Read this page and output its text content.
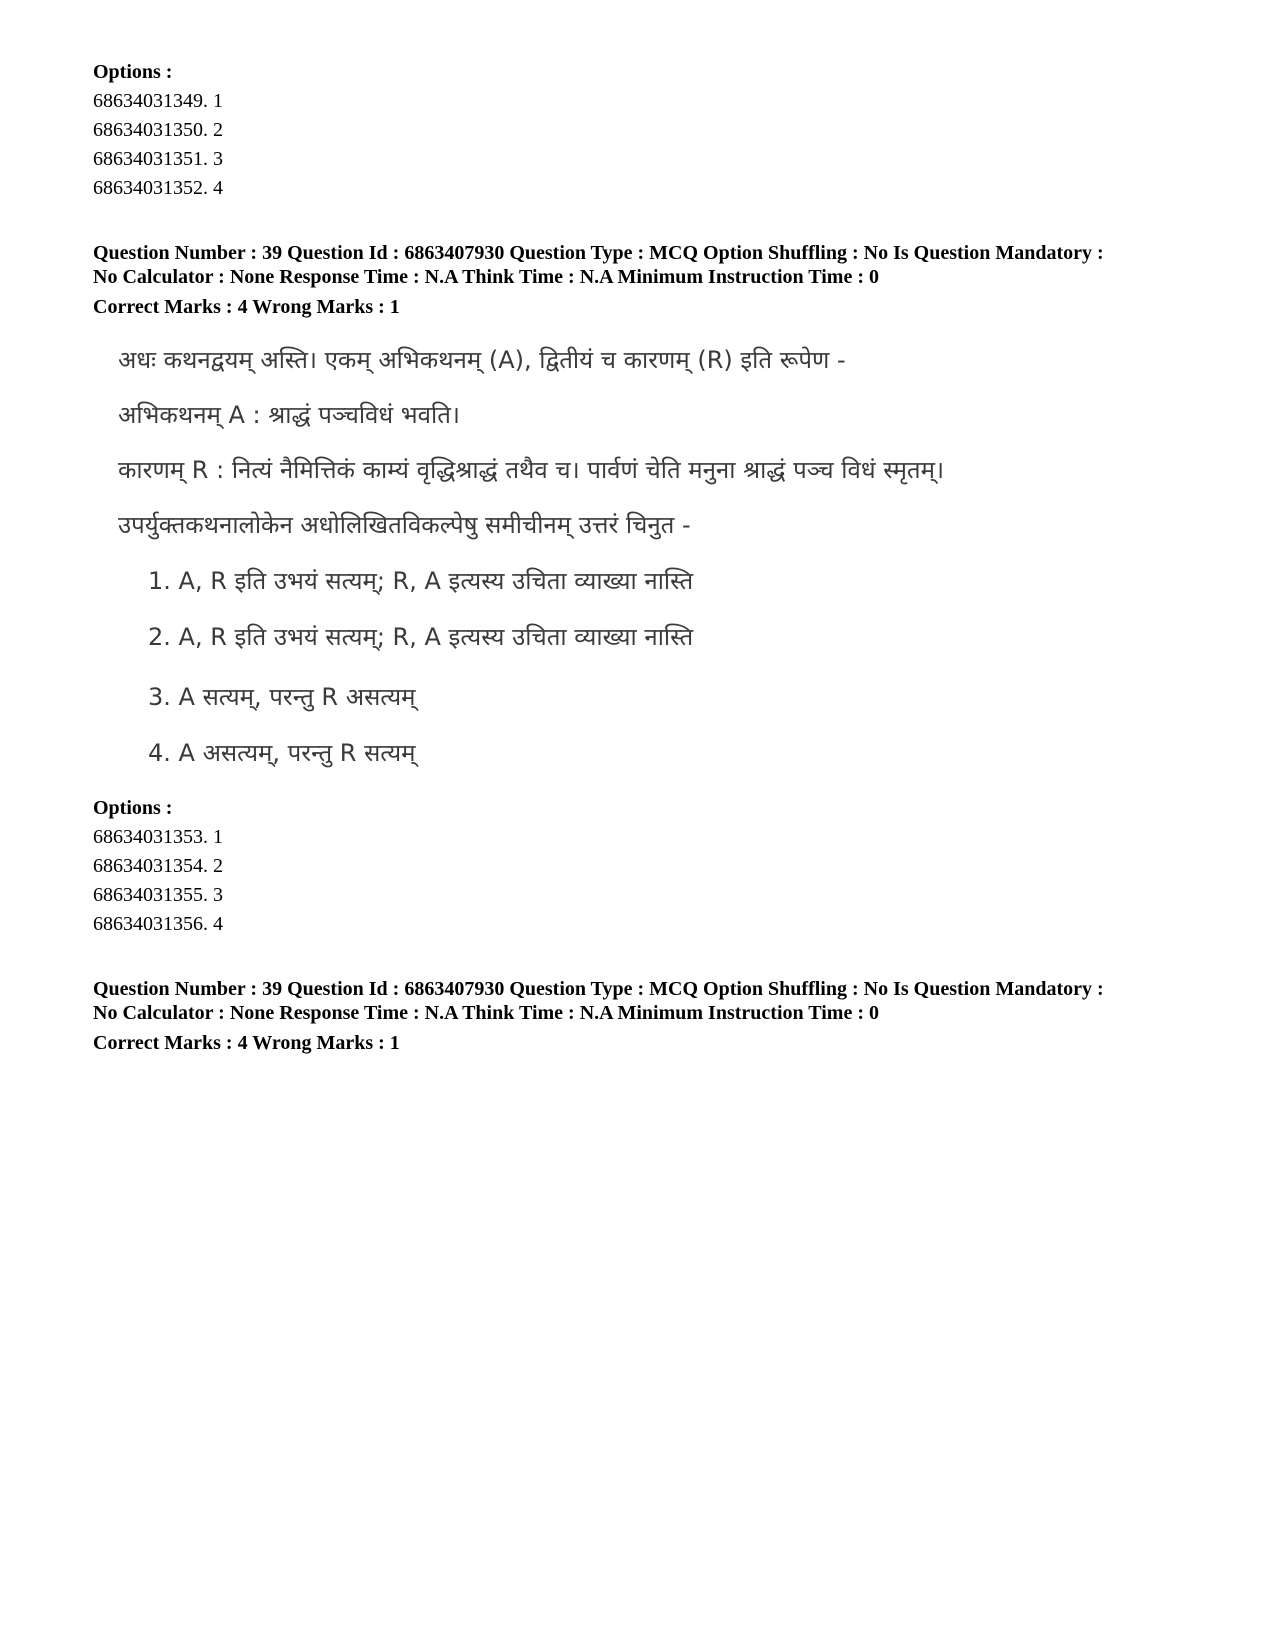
Options :

68634031349. 1

68634031350. 2

68634031351. 3

68634031352. 4

Question Number : 39 Question Id : 6863407930 Question Type : MCQ Option Shuffling : No Is Question Mandatory :

No Calculator : None Response Time : N.A Think Time : N.A Minimum Instruction Time : 0

Correct Marks : 4 Wrong Marks : 1

अधः कथनद्वयम् अस्ति। एकम् अभिकथनम् (A), द्वितीयं च कारणम् (R) इति रूपेण -

अभिकथनम् A : श्राद्धं पञ्चविधं भवति।

कारणम् R : नित्यं नैमित्तिकं काम्यं वृद्धिश्राद्धं तथैव च। पार्वणं चेति मनुना श्राद्धं पञ्च विधं स्मृतम्।

उपर्युक्तकथनालोकेन अधोलिखितविकल्पेषु समीचीनम् उत्तरं चिनुत -

1. A, R इति उभयं सत्यम्; R, A इत्यस्य उचिता व्याख्या नास्ति

2. A, R इति उभयं सत्यम्; R, A इत्यस्य उचिता व्याख्या नास्ति

3. A सत्यम्, परन्तु R असत्यम्

4. A असत्यम्, परन्तु R सत्यम्

Options :

68634031353. 1

68634031354. 2

68634031355. 3

68634031356. 4

Question Number : 39 Question Id : 6863407930 Question Type : MCQ Option Shuffling : No Is Question Mandatory :

No Calculator : None Response Time : N.A Think Time : N.A Minimum Instruction Time : 0

Correct Marks : 4 Wrong Marks : 1
